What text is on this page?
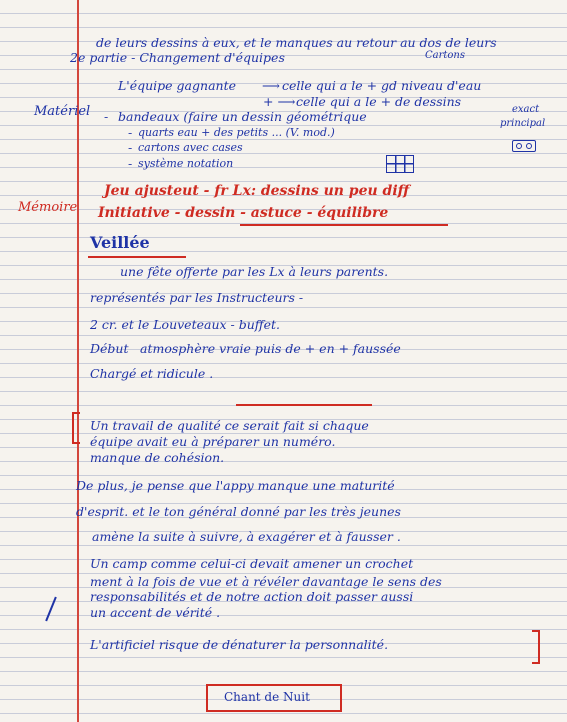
de leurs dessins à eux, et le manques au retour au dos de leurs
2e partie - Changement d'équipes	Cartons
L'équipe gagnante ⟶ celle qui a le + gd niveau d'eau
+ ⟶ celle qui a le + de dessins
Matériel - bandeaux (faire un dessin géométrique	exact
principal
- quarts eau + des petits ... (V. mod.)
- cartons avec cases
- système notation
Mémoire
Jeu ajusteut - fr Lx: dessins un peu diff
Initiative - dessin - astuce - équilibre
Veillée
une fête offerte par les Lx à leurs parents.
représentés par les Instructeurs -
2 cr. et le Louveteaux - buffet.
Début atmosphère vraie puis de + en + faussée
Chargé et ridicule .
Un travail de qualité ce serait fait si chaque
équipe avait eu à préparer un numéro.
manque de cohésion.
De plus, je pense que l'appy manque une maturité
d'esprit. et le ton général donné par les très jeunes
amène la suite à suivre, à exagérer et à fausser .
Un camp comme celui-ci devait amener un crochet
ment à la fois de vue et à révéler davantage le sens des
responsabilités et de notre action doit passer aussi
un accent de vérité .
L'artificiel risque de dénaturer la personnalité.
Chant de Nuit
